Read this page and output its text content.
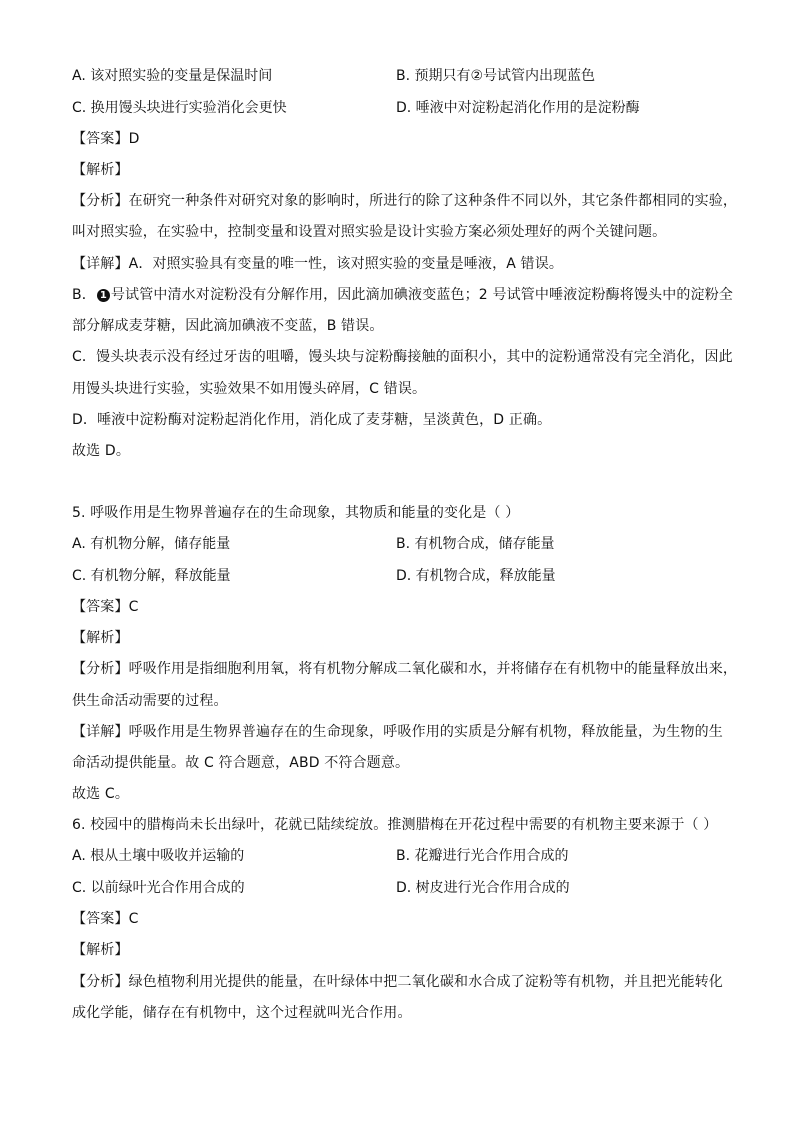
A. 该对照实验的变量是保温时间	B. 预期只有②号试管内出现蓝色
C. 换用馒头块进行实验消化会更快	D. 唾液中对淀粉起消化作用的是淀粉酶
【答案】D
【解析】
【分析】在研究一种条件对研究对象的影响时，所进行的除了这种条件不同以外，其它条件都相同的实验，
叫对照实验，在实验中，控制变量和设置对照实验是设计实验方案必须处理好的两个关键问题。
【详解】A．对照实验具有变量的唯一性，该对照实验的变量是唾液，A 错误。
B． 1 号试管中清水对淀粉没有分解作用，因此滴加碘液变蓝色；2 号试管中唾液淀粉酶将馒头中的淀粉全
部分解成麦芽糖，因此滴加碘液不变蓝，B 错误。
C．馒头块表示没有经过牙齿的咀嚼，馒头块与淀粉酶接触的面积小，其中的淀粉通常没有完全消化，因此
用馒头块进行实验，实验效果不如用馒头碎屑，C 错误。
D．唾液中淀粉酶对淀粉起消化作用，消化成了麦芽糖，呈淡黄色，D 正确。
故选 D。
5. 呼吸作用是生物界普遍存在的生命现象，其物质和能量的变化是（ ）
A. 有机物分解，储存能量	B. 有机物合成，储存能量
C. 有机物分解，释放能量	D. 有机物合成，释放能量
【答案】C
【解析】
【分析】呼吸作用是指细胞利用氧，将有机物分解成二氧化碳和水，并将储存在有机物中的能量释放出来，
供生命活动需要的过程。
【详解】呼吸作用是生物界普遍存在的生命现象，呼吸作用的实质是分解有机物，释放能量，为生物的生
命活动提供能量。故 C 符合题意，ABD 不符合题意。
故选 C。
6. 校园中的腊梅尚未长出绿叶，花就已陆续绽放。推测腊梅在开花过程中需要的有机物主要来源于（ ）
A. 根从土壤中吸收并运输的	B. 花瓣进行光合作用合成的
C. 以前绿叶光合作用合成的	D. 树皮进行光合作用合成的
【答案】C
【解析】
【分析】绿色植物利用光提供的能量，在叶绿体中把二氧化碳和水合成了淀粉等有机物，并且把光能转化
成化学能，储存在有机物中，这个过程就叫光合作用。
